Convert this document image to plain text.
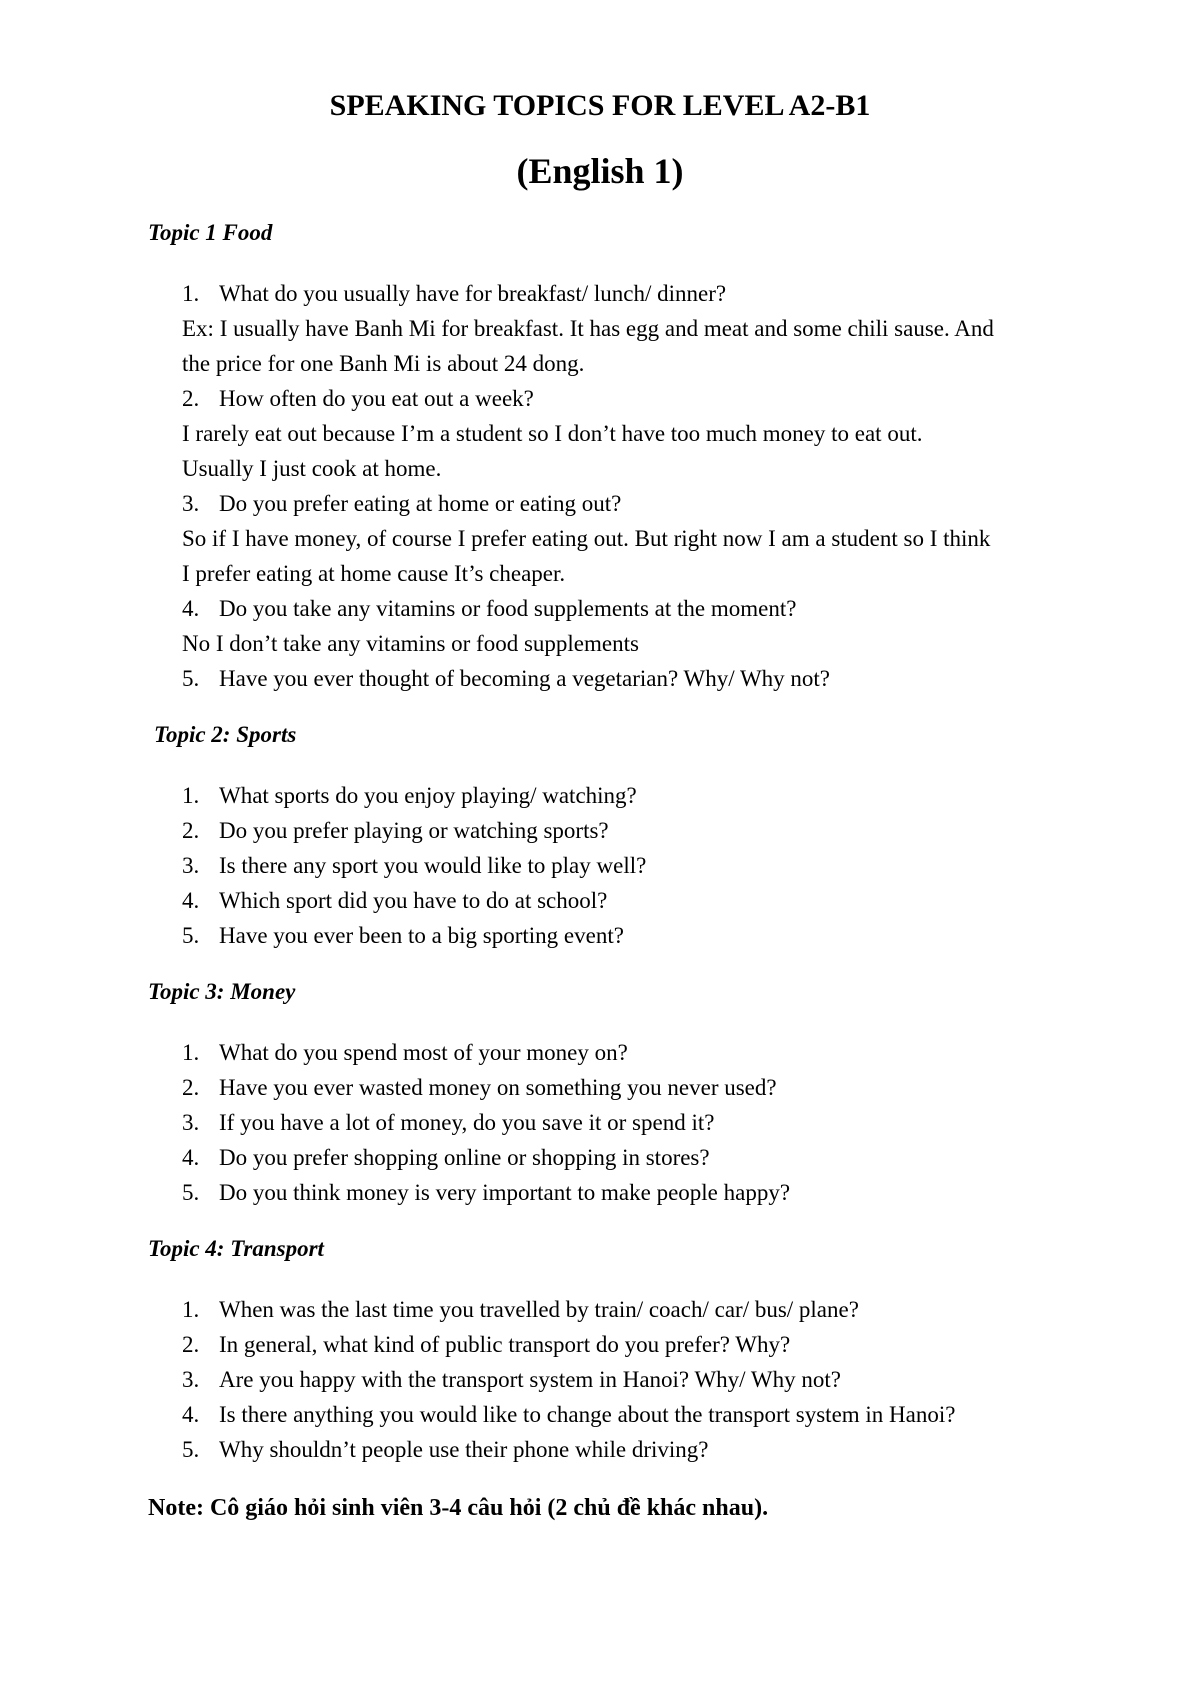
SPEAKING TOPICS FOR LEVEL A2-B1
(English 1)

Topic 1 Food

1. What do you usually have for breakfast/ lunch/ dinner?

Ex: I usually have Banh Mi for breakfast. It has egg and meat and some chili sause. And

the price for one Banh Mi is about 24 dong.

2. How often do you eat out a week?

I rarely eat out because I’m a student so I don’t have too much money to eat out.

Usually I just cook at home.

3. Do you prefer eating at home or eating out?

So if I have money, of course I prefer eating out. But right now I am a student so I think

I prefer eating at home cause It’s cheaper.

4. Do you take any vitamins or food supplements at the moment?

No I don’t take any vitamins or food supplements

5. Have you ever thought of becoming a vegetarian? Why/ Why not?

Topic 2: Sports

1. What sports do you enjoy playing/ watching?

2. Do you prefer playing or watching sports?

3. Is there any sport you would like to play well?

4. Which sport did you have to do at school?

5. Have you ever been to a big sporting event?

Topic 3: Money

1. What do you spend most of your money on?

2. Have you ever wasted money on something you never used?

3. If you have a lot of money, do you save it or spend it?

4. Do you prefer shopping online or shopping in stores?

5. Do you think money is very important to make people happy?

Topic 4: Transport

1. When was the last time you travelled by train/ coach/ car/ bus/ plane?

2. In general, what kind of public transport do you prefer? Why?

3. Are you happy with the transport system in Hanoi? Why/ Why not?

4. Is there anything you would like to change about the transport system in Hanoi?

5. Why shouldn’t people use their phone while driving?

Note: Cô giáo hỏi sinh viên 3-4 câu hỏi (2 chủ đề khác nhau).
